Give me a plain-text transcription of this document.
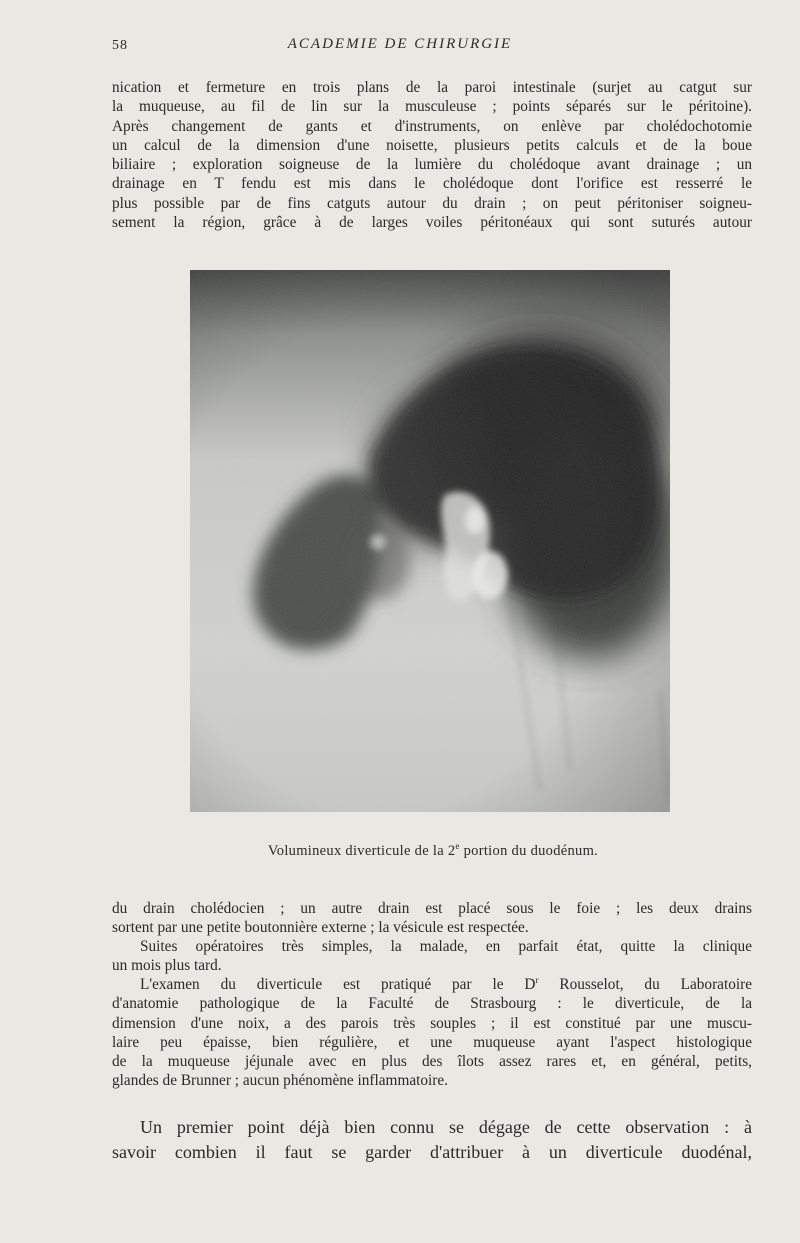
58	ACADEMIE DE CHIRURGIE

nication et fermeture en trois plans de la paroi intestinale (surjet au catgut sur
la muqueuse, au fil de lin sur la musculeuse ; points séparés sur le péritoine).
Après changement de gants et d'instruments, on enlève par cholédochotomie
un calcul de la dimension d'une noisette, plusieurs petits calculs et de la boue
biliaire ; exploration soigneuse de la lumière du cholédoque avant drainage ; un
drainage en T fendu est mis dans le cholédoque dont l'orifice est resserré le
plus possible par de fins catguts autour du drain ; on peut péritoniser soigneu-
sement la région, grâce à de larges voiles péritonéaux qui sont suturés autour

Volumineux diverticule de la 2e portion du duodénum.

du drain cholédocien ; un autre drain est placé sous le foie ; les deux drains
sortent par une petite boutonnière externe ; la vésicule est respectée.

Suites opératoires très simples, la malade, en parfait état, quitte la clinique
un mois plus tard.

L'examen du diverticule est pratiqué par le $D^r$ Rousselot, du Laboratoire
d'anatomie pathologique de la Faculté de Strasbourg : le diverticule, de la
dimension d'une noix, a des parois très souples ; il est constitué par une muscu-
laire peu épaisse, bien régulière, et une muqueuse ayant l'aspect histologique
de la muqueuse jéjunale avec en plus des îlots assez rares et, en général, petits,
glandes de Brunner ; aucun phénomène inflammatoire.

Un premier point déjà bien connu se dégage de cette observation : à
savoir combien il faut se garder d'attribuer à un diverticule duodénal,
